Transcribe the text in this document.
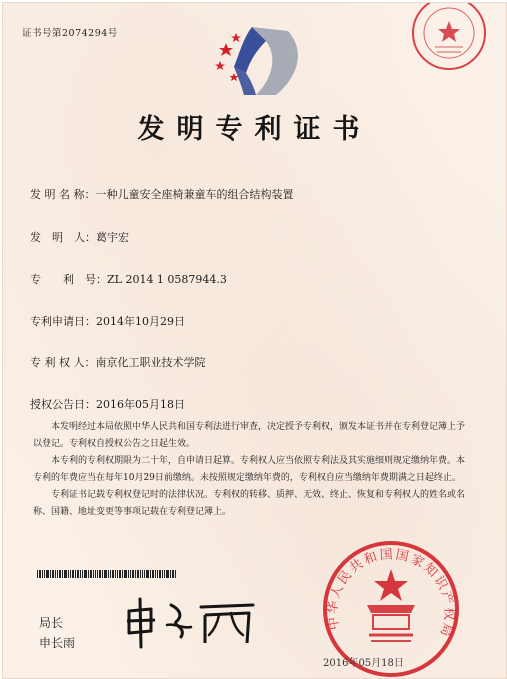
证书号第2074294号
发明专利证书
发 明 名 称：一种儿童安全座椅兼童车的组合结构装置
发　明　人：葛宇宏
专　　利　号：ZL 2014 1 0587944.3
专利申请日：2014年10月29日
专 利 权 人：南京化工职业技术学院
授权公告日：2016年05月18日

本发明经过本局依照中华人民共和国专利法进行审查，决定授予专利权，颁发本证书并在专利登记簿上予以登记。专利权自授权公告之日起生效。

本专利的专利权期限为二十年，自申请日起算。专利权人应当依照专利法及其实施细则规定缴纳年费。本专利的年费应当在每年10月29日前缴纳。未按照规定缴纳年费的，专利权自应当缴纳年费期满之日起终止。

专利证书记载专利权登记时的法律状况。专利权的转移、质押、无效、终止、恢复和专利权人的姓名或名称、国籍、地址变更等事项记载在专利登记簿上。

局长
申长雨
中华人民共和国国家知识产权局
2016年05月18日
